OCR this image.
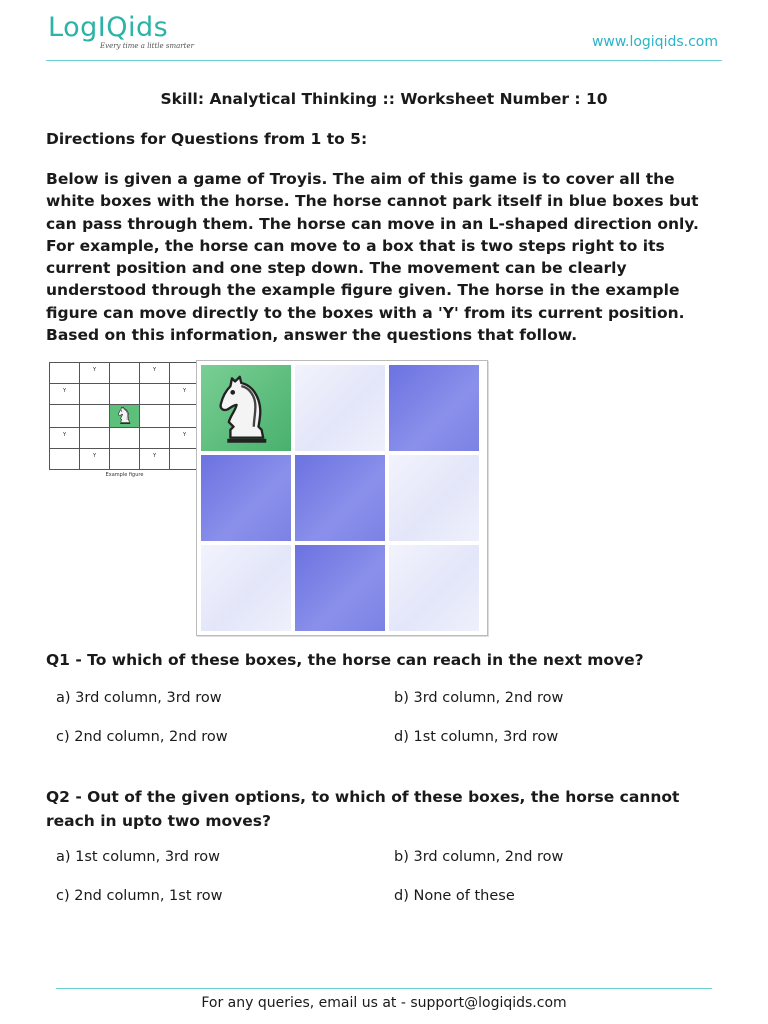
LogIQids
Every time a little smarter	www.logiqids.com
Skill: Analytical Thinking :: Worksheet Number : 10
Directions for Questions from 1 to 5:
Below is given a game of Troyis. The aim of this game is to cover all the white boxes with the horse. The horse cannot park itself in blue boxes but can pass through them. The horse can move in an L-shaped direction only. For example, the horse can move to a box that is two steps right to its current position and one step down. The movement can be clearly understood through the example figure given. The horse in the example figure can move directly to the boxes with a 'Y' from its current position. Based on this information, answer the questions that follow.
	Y		Y	
Y				Y

Y				Y
	Y		Y	
Example figure
Q1 - To which of these boxes, the horse can reach in the next move?
a) 3rd column, 3rd row	b) 3rd column, 2nd row
c) 2nd column, 2nd row	d) 1st column, 3rd row
Q2 - Out of the given options, to which of these boxes, the horse cannot reach in upto two moves?
a) 1st column, 3rd row	b) 3rd column, 2nd row
c) 2nd column, 1st row	d) None of these
For any queries, email us at - support@logiqids.com
